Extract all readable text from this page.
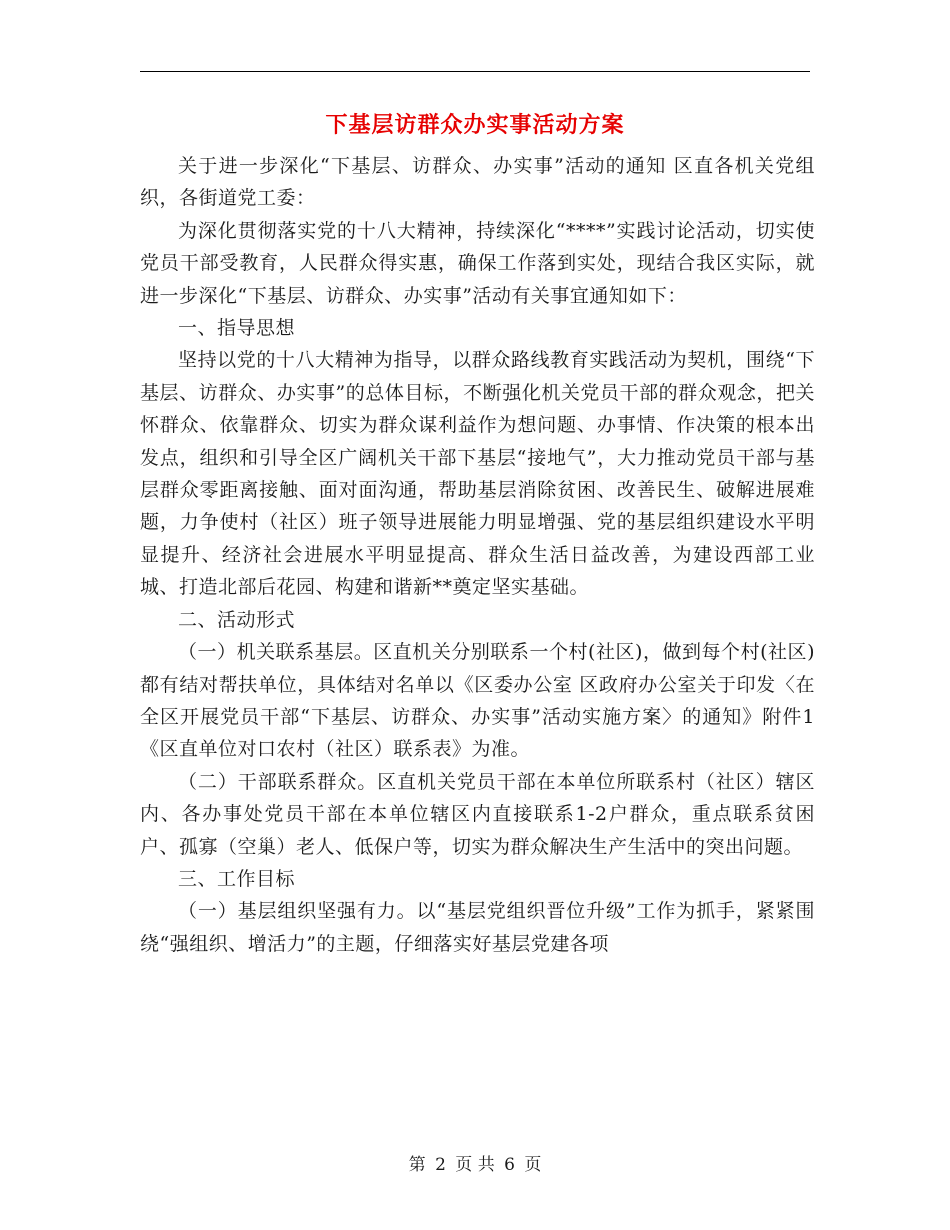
下基层访群众办实事活动方案

关于进一步深化“下基层、访群众、办实事”活动的通知 区直各机关党组织，各街道党工委：

为深化贯彻落实党的十八大精神，持续深化“****”实践讨论活动，切实使党员干部受教育，人民群众得实惠，确保工作落到实处，现结合我区实际，就进一步深化“下基层、访群众、办实事”活动有关事宜通知如下：

一、指导思想

坚持以党的十八大精神为指导，以群众路线教育实践活动为契机，围绕“下基层、访群众、办实事”的总体目标，不断强化机关党员干部的群众观念，把关怀群众、依靠群众、切实为群众谋利益作为想问题、办事情、作决策的根本出发点，组织和引导全区广阔机关干部下基层“接地气”，大力推动党员干部与基层群众零距离接触、面对面沟通，帮助基层消除贫困、改善民生、破解进展难题，力争使村（社区）班子领导进展能力明显增强、党的基层组织建设水平明显提升、经济社会进展水平明显提高、群众生活日益改善，为建设西部工业城、打造北部后花园、构建和谐新**奠定坚实基础。

二、活动形式

（一）机关联系基层。区直机关分别联系一个村(社区)，做到每个村(社区)都有结对帮扶单位，具体结对名单以《区委办公室 区政府办公室关于印发〈在全区开展党员干部“下基层、访群众、办实事”活动实施方案〉的通知》附件1《区直单位对口农村（社区）联系表》为准。

（二）干部联系群众。区直机关党员干部在本单位所联系村（社区）辖区内、各办事处党员干部在本单位辖区内直接联系1-2户群众，重点联系贫困户、孤寡（空巢）老人、低保户等，切实为群众解决生产生活中的突出问题。

三、工作目标

（一）基层组织坚强有力。以“基层党组织晋位升级”工作为抓手，紧紧围绕“强组织、增活力”的主题，仔细落实好基层党建各项

第 2 页 共 6 页
